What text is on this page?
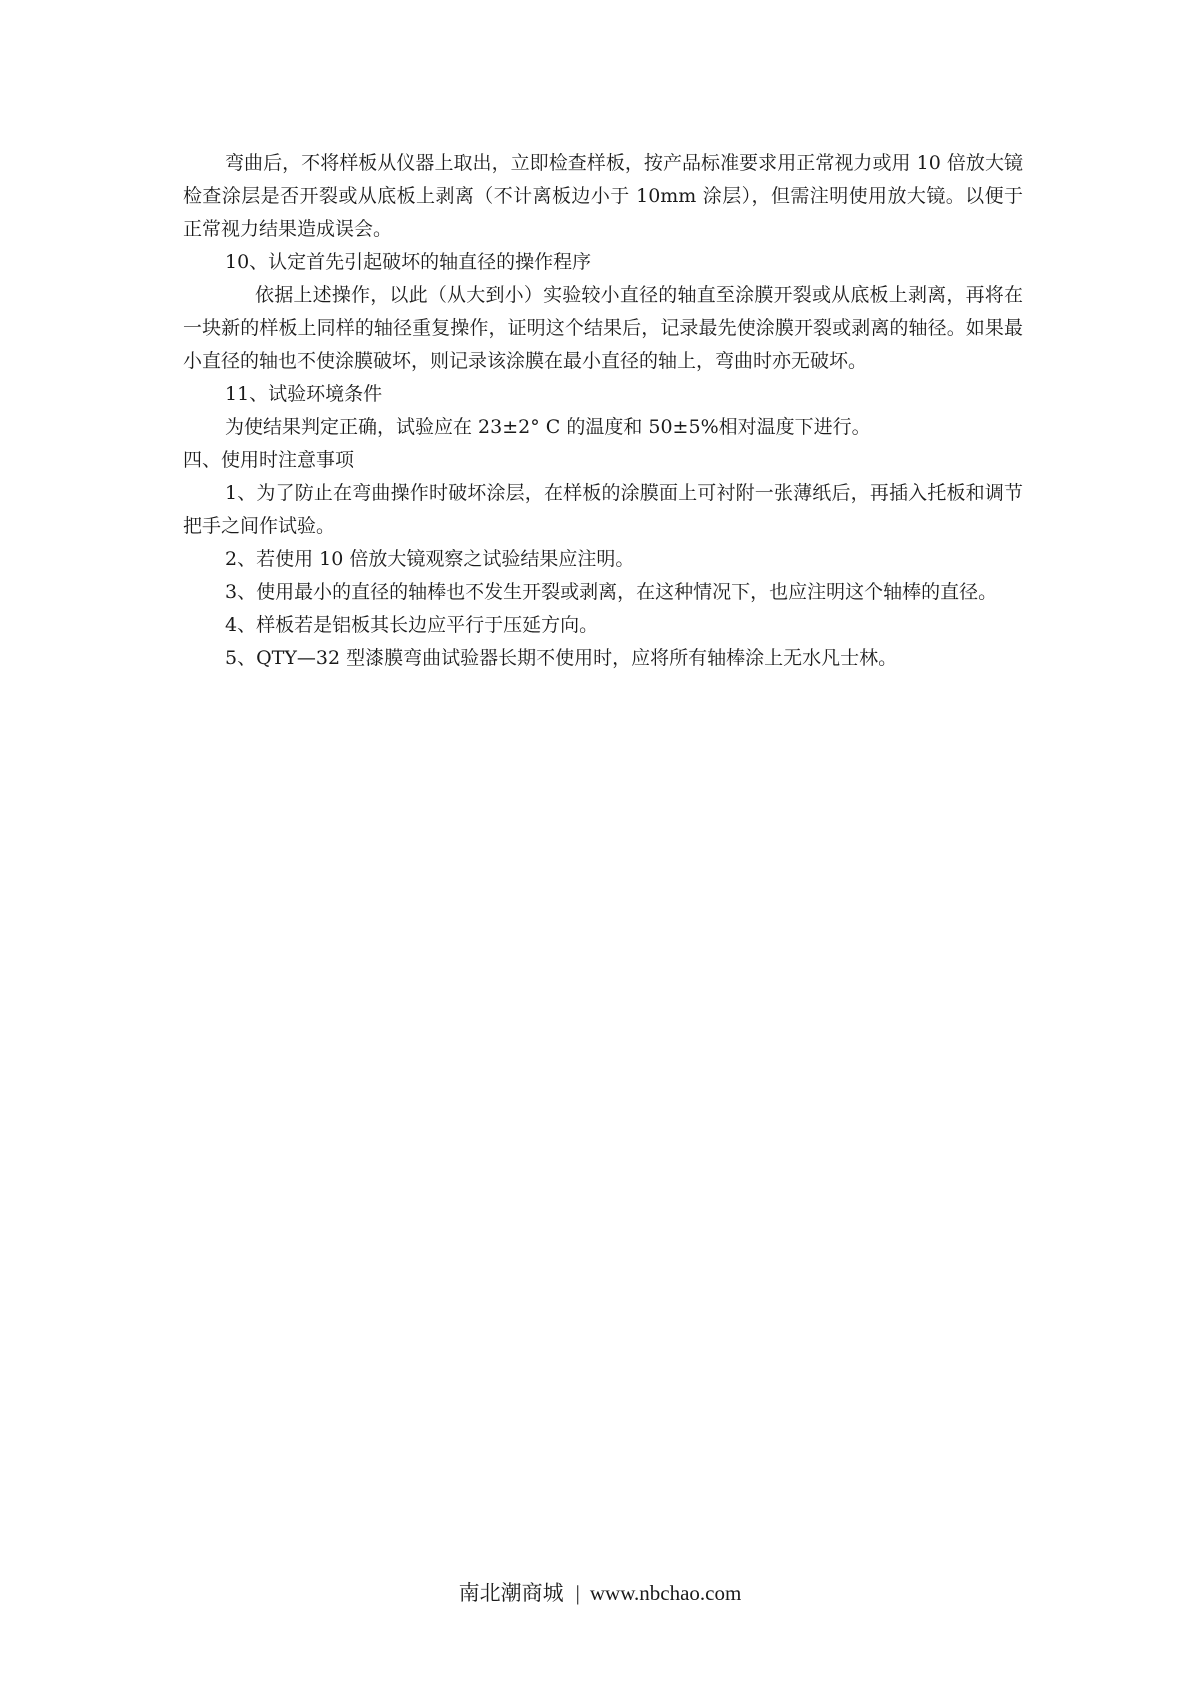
弯曲后，不将样板从仪器上取出，立即检查样板，按产品标准要求用正常视力或用 10 倍放大镜检查涂层是否开裂或从底板上剥离（不计离板边小于 10mm 涂层），但需注明使用放大镜。以便于正常视力结果造成误会。

10、认定首先引起破坏的轴直径的操作程序

依据上述操作，以此（从大到小）实验较小直径的轴直至涂膜开裂或从底板上剥离，再将在一块新的样板上同样的轴径重复操作，证明这个结果后，记录最先使涂膜开裂或剥离的轴径。如果最小直径的轴也不使涂膜破坏，则记录该涂膜在最小直径的轴上，弯曲时亦无破坏。

11、试验环境条件

为使结果判定正确，试验应在 23±2° C 的温度和 50±5%相对温度下进行。

四、使用时注意事项

1、为了防止在弯曲操作时破坏涂层，在样板的涂膜面上可衬附一张薄纸后，再插入托板和调节把手之间作试验。

2、若使用 10 倍放大镜观察之试验结果应注明。

3、使用最小的直径的轴棒也不发生开裂或剥离，在这种情况下，也应注明这个轴棒的直径。

4、样板若是铝板其长边应平行于压延方向。

5、QTY—32 型漆膜弯曲试验器长期不使用时，应将所有轴棒涂上无水凡士林。

南北潮商城 | www.nbchao.com
